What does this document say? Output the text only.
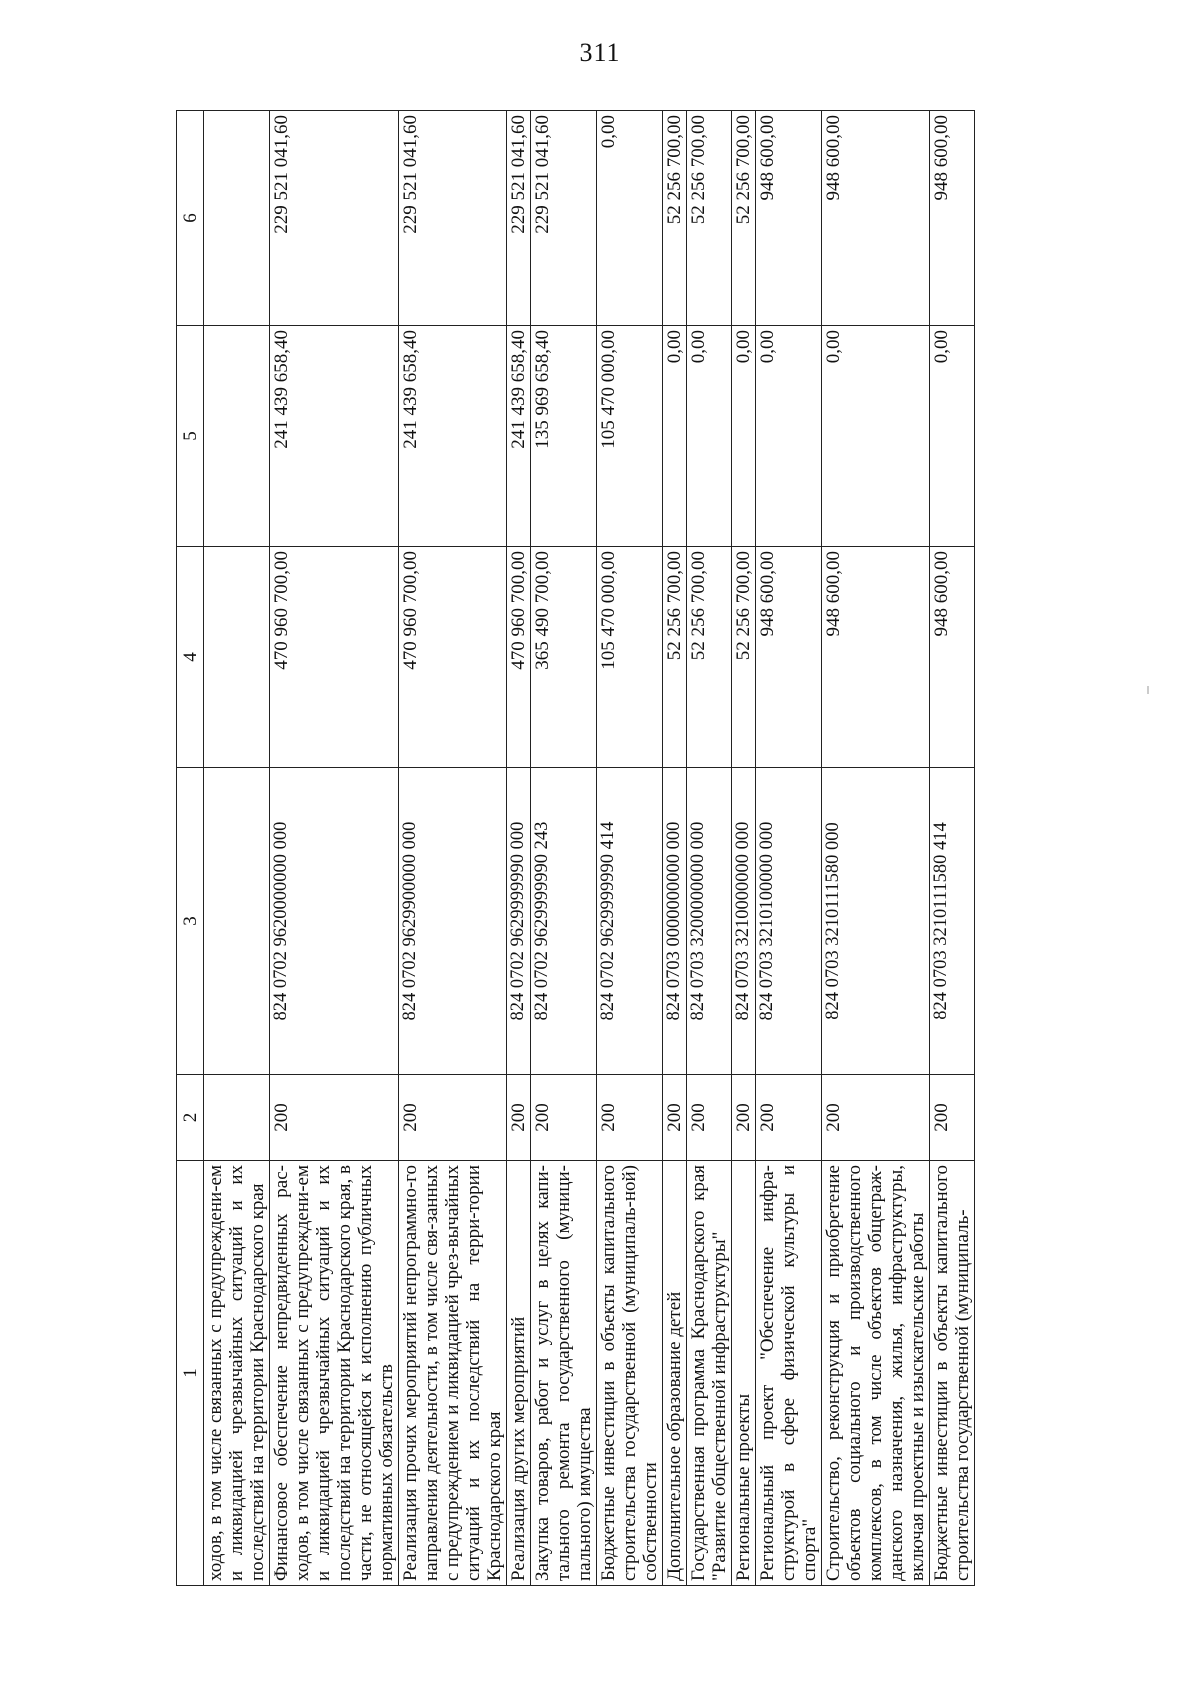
311
1	2	3	4	5	6
ходов, в том числе связанных с предупреждени-ем и ликвидацией чрезвычайных ситуаций и их последствий на территории Краснодарского края					
Финансовое обеспечение непредвиденных рас-ходов, в том числе связанных с предупреждени-ем и ликвидацией чрезвычайных ситуаций и их последствий на территории Краснодарского края, в части, не относящейся к исполнению публичных нормативных обязательств	200	824 0702 9620000000 000	470 960 700,00	241 439 658,40	229 521 041,60
Реализация прочих мероприятий непрограммно-го направления деятельности, в том числе свя-занных с предупреждением и ликвидацией чрез-вычайных ситуаций и их последствий на терри-тории Краснодарского края	200	824 0702 9629900000 000	470 960 700,00	241 439 658,40	229 521 041,60
Реализация других мероприятий	200	824 0702 9629999990 000	470 960 700,00	241 439 658,40	229 521 041,60
Закупка товаров, работ и услуг в целях капи-тального ремонта государственного (муници-пального) имущества	200	824 0702 9629999990 243	365 490 700,00	135 969 658,40	229 521 041,60
Бюджетные инвестиции в объекты капитального строительства государственной (муниципаль-ной) собственности	200	824 0702 9629999990 414	105 470 000,00	105 470 000,00	0,00
Дополнительное образование детей	200	824 0703 0000000000 000	52 256 700,00	0,00	52 256 700,00
Государственная программа Краснодарского края "Развитие общественной инфраструктуры"	200	824 0703 3200000000 000	52 256 700,00	0,00	52 256 700,00
Региональные проекты	200	824 0703 3210000000 000	52 256 700,00	0,00	52 256 700,00
Региональный проект "Обеспечение инфра-структурой в сфере физической культуры и спорта"	200	824 0703 3210100000 000	948 600,00	0,00	948 600,00
Строительство, реконструкция и приобретение объектов социального и производственного комплексов, в том числе объектов общеграж-данского назначения, жилья, инфраструктуры, включая проектные и изыскательские работы	200	824 0703 3210111580 000	948 600,00	0,00	948 600,00
Бюджетные инвестиции в объекты капитального строительства государственной (муниципаль-	200	824 0703 3210111580 414	948 600,00	0,00	948 600,00
